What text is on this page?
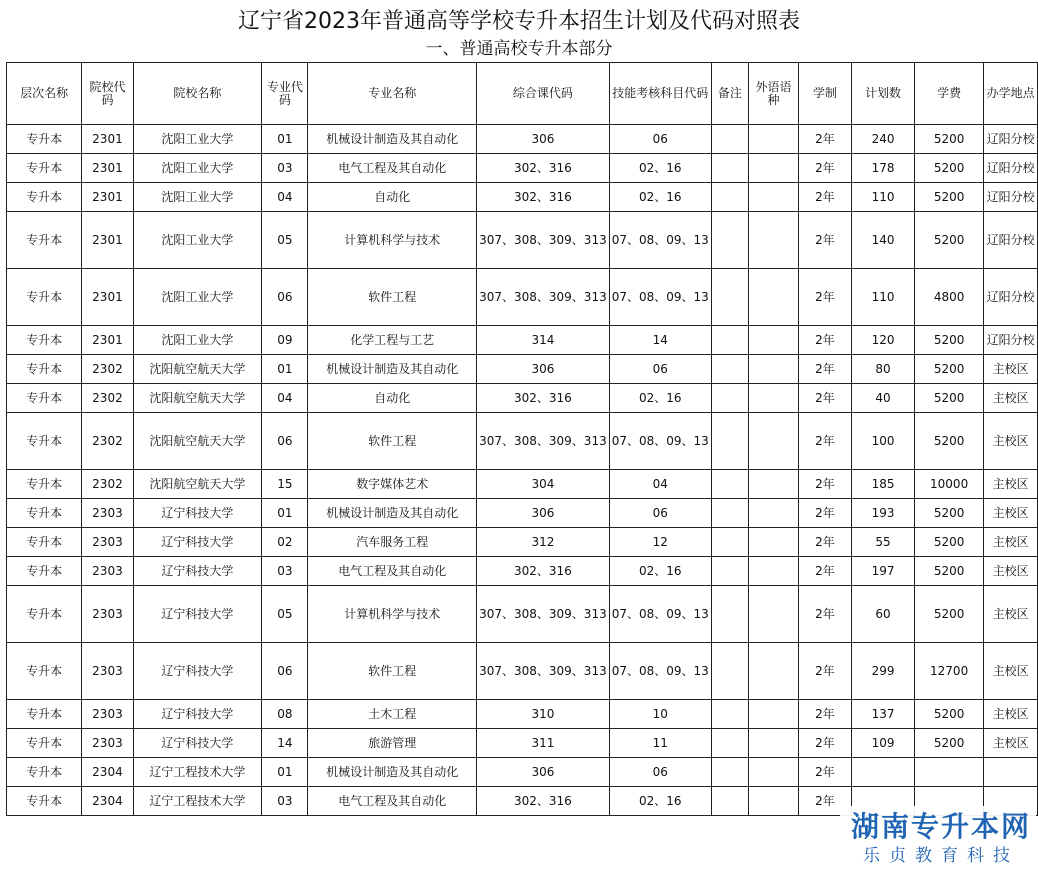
辽宁省2023年普通高等学校专升本招生计划及代码对照表
一、普通高校专升本部分
层次名称	院校代码	院校名称	专业代码	专业名称	综合课代码	技能考核科目代码	备注	外语语种	学制	计划数	学费	办学地点
专升本	2301	沈阳工业大学	01	机械设计制造及其自动化	306	06			2年	240	5200	辽阳分校
专升本	2301	沈阳工业大学	03	电气工程及其自动化	302、316	02、16			2年	178	5200	辽阳分校
专升本	2301	沈阳工业大学	04	自动化	302、316	02、16			2年	110	5200	辽阳分校
专升本	2301	沈阳工业大学	05	计算机科学与技术	307、308、309、313	07、08、09、13			2年	140	5200	辽阳分校
专升本	2301	沈阳工业大学	06	软件工程	307、308、309、313	07、08、09、13			2年	110	4800	辽阳分校
专升本	2301	沈阳工业大学	09	化学工程与工艺	314	14			2年	120	5200	辽阳分校
专升本	2302	沈阳航空航天大学	01	机械设计制造及其自动化	306	06			2年	80	5200	主校区
专升本	2302	沈阳航空航天大学	04	自动化	302、316	02、16			2年	40	5200	主校区
专升本	2302	沈阳航空航天大学	06	软件工程	307、308、309、313	07、08、09、13			2年	100	5200	主校区
专升本	2302	沈阳航空航天大学	15	数字媒体艺术	304	04			2年	185	10000	主校区
专升本	2303	辽宁科技大学	01	机械设计制造及其自动化	306	06			2年	193	5200	主校区
专升本	2303	辽宁科技大学	02	汽车服务工程	312	12			2年	55	5200	主校区
专升本	2303	辽宁科技大学	03	电气工程及其自动化	302、316	02、16			2年	197	5200	主校区
专升本	2303	辽宁科技大学	05	计算机科学与技术	307、308、309、313	07、08、09、13			2年	60	5200	主校区
专升本	2303	辽宁科技大学	06	软件工程	307、308、309、313	07、08、09、13			2年	299	12700	主校区
专升本	2303	辽宁科技大学	08	土木工程	310	10			2年	137	5200	主校区
专升本	2303	辽宁科技大学	14	旅游管理	311	11			2年	109	5200	主校区
专升本	2304	辽宁工程技术大学	01	机械设计制造及其自动化	306	06			2年			
专升本	2304	辽宁工程技术大学	03	电气工程及其自动化	302、316	02、16			2年			
湖南专升本网
乐贞教育科技
